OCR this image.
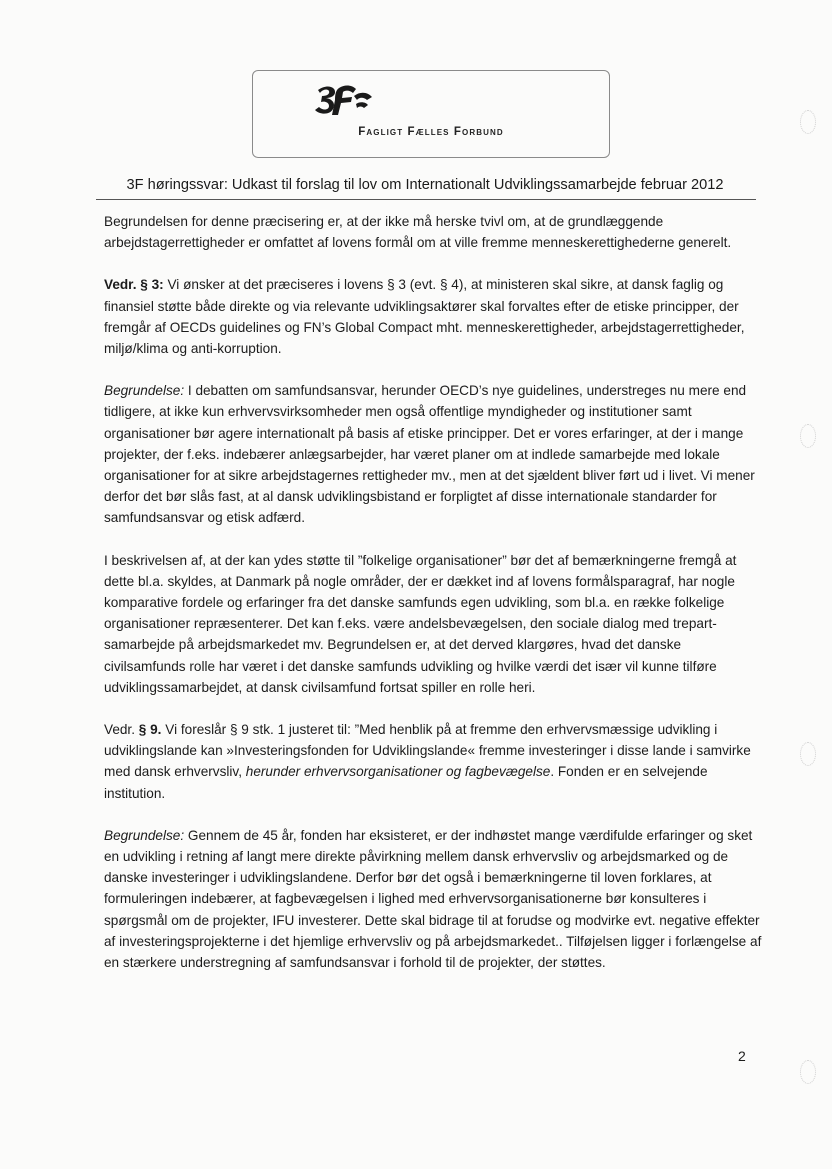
Fagligt Fælles Forbund
3F høringssvar: Udkast til forslag til lov om Internationalt Udviklingssamarbejde februar 2012

Begrundelsen for denne præcisering er, at der ikke må herske tvivl om, at de grundlæggende arbejdstagerrettigheder er omfattet af lovens formål om at ville fremme menneskerettighederne generelt.

Vedr. § 3: Vi ønsker at det præciseres i lovens § 3 (evt. § 4), at ministeren skal sikre, at dansk faglig og finansiel støtte både direkte og via relevante udviklingsaktører skal forvaltes efter de etiske principper, der fremgår af OECDs guidelines og FN’s Global Compact mht. menneskerettigheder, arbejdstagerrettigheder, miljø/klima og anti-korruption.

Begrundelse: I debatten om samfundsansvar, herunder OECD’s nye guidelines, understreges nu mere end tidligere, at ikke kun erhvervsvirksomheder men også offentlige myndigheder og institutioner samt organisationer bør agere internationalt på basis af etiske principper. Det er vores erfaringer, at der i mange projekter, der f.eks. indebærer anlægsarbejder, har været planer om at indlede samarbejde med lokale organisationer for at sikre arbejdstagernes rettigheder mv., men at det sjældent bliver ført ud i livet. Vi mener derfor det bør slås fast, at al dansk udviklingsbistand er forpligtet af disse internationale standarder for samfundsansvar og etisk adfærd.

I beskrivelsen af, at der kan ydes støtte til ”folkelige organisationer” bør det af bemærkningerne fremgå at dette bl.a. skyldes, at Danmark på nogle områder, der er dækket ind af lovens formålsparagraf, har nogle komparative fordele og erfaringer fra det danske samfunds egen udvikling, som bl.a. en række folkelige organisationer repræsenterer. Det kan f.eks. være andelsbevægelsen, den sociale dialog med trepart-samarbejde på arbejdsmarkedet mv. Begrundelsen er, at det derved klargøres, hvad det danske civilsamfunds rolle har været i det danske samfunds udvikling og hvilke værdi det især vil kunne tilføre udviklingssamarbejdet, at dansk civilsamfund fortsat spiller en rolle heri.

Vedr. § 9. Vi foreslår § 9 stk. 1 justeret til: ”Med henblik på at fremme den erhvervsmæssige udvikling i udviklingslande kan »Investeringsfonden for Udviklingslande« fremme investeringer i disse lande i samvirke med dansk erhvervsliv, herunder erhvervsorganisationer og fagbevægelse. Fonden er en selvejende institution.

Begrundelse: Gennem de 45 år, fonden har eksisteret, er der indhøstet mange værdifulde erfaringer og sket en udvikling i retning af langt mere direkte påvirkning mellem dansk erhvervsliv og arbejdsmarked og de danske investeringer i udviklingslandene. Derfor bør det også i bemærkningerne til loven forklares, at formuleringen indebærer, at fagbevægelsen i lighed med erhvervsorganisationerne bør konsulteres i spørgsmål om de projekter, IFU investerer. Dette skal bidrage til at forudse og modvirke evt. negative effekter af investeringsprojekterne i det hjemlige erhvervsliv og på arbejdsmarkedet.. Tilføjelsen ligger i forlængelse af en stærkere understregning af samfundsansvar i forhold til de projekter, der støttes.

2
